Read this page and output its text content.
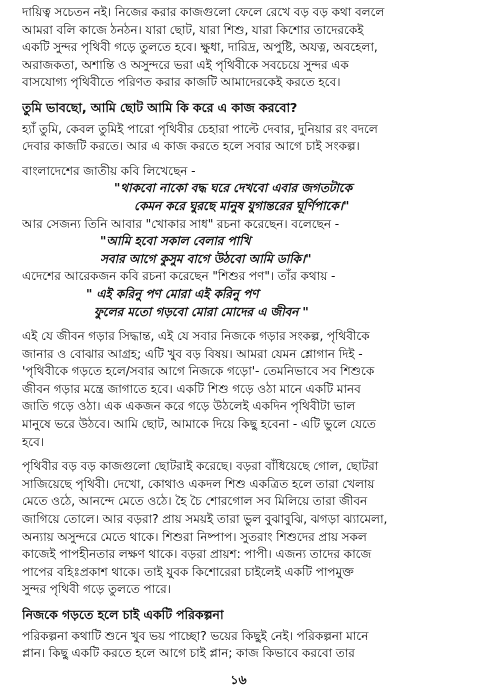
দায়িত্ব সচেতন নই। নিজের করার কাজগুলো ফেলে রেখে বড় বড় কথা বললে
আমরা বলি কাজে ঠনঠন। যারা ছোট, যারা শিশু, যারা কিশোর তাদেরকেই
একটি সুন্দর পৃথিবী গড়ে তুলতে হবে। ক্ষুধা, দারিদ্র, অপুষ্টি, অযত্ন, অবহেলা,
অরাজকতা, অশান্তি ও অসুন্দরে ভরা এই পৃথিবীকে সবচেয়ে সুন্দর এক
বাসযোগ্য পৃথিবীতে পরিণত করার কাজটি আমাদেরকেই করতে হবে।
তুমি ভাবছো, আমি ছোট আমি কি করে এ কাজ করবো?
হ্যাঁ তুমি, কেবল তুমিই পারো পৃথিবীর চেহারা পাল্টে দেবার, দুনিয়ার রং বদলে
দেবার কাজটি করতে। আর এ কাজ করতে হলে সবার আগে চাই সংকল্প।
বাংলাদেশের জাতীয় কবি লিখেছেন -
"থাকবো নাকো বদ্ধ ঘরে দেখবো এবার জগতটাকে
কেমন করে ঘুরছে মানুষ যুগান্তরের ঘূর্ণিপাকে।"
আর সেজন্য তিনি আবার "খোকার সাধ" রচনা করেছেন। বলেছেন -
"আমি হবো সকাল বেলার পাখি
সবার আগে কুসুম বাগে উঠবো আমি ডাকি।"
এদেশের আরেকজন কবি রচনা করেছেন "শিশুর পণ"। তাঁর কথায় -
" এই করিনু পণ মোরা এই করিনু পণ
ফুলের মতো গড়বো মোরা মোদের এ জীবন "
এই যে জীবন গড়ার সিদ্ধান্ত, এই যে সবার নিজকে গড়ার সংকল্প, পৃথিবীকে
জানার ও বোঝার আগ্রহ; এটি খুব বড় বিষয়। আমরা যেমন শ্লোগান দিই -
'পৃথিবীকে গড়তে হলে/সবার আগে নিজকে গড়ো'- তেমনিভাবে সব শিশুকে
জীবন গড়ার মন্ত্রে জাগাতে হবে। একটি শিশু গড়ে ওঠা মানে একটি মানব
জাতি গড়ে ওঠা। এক একজন করে গড়ে উঠলেই একদিন পৃথিবীটা ভাল
মানুষে ভরে উঠবে। আমি ছোট, আমাকে দিয়ে কিছু হবেনা - এটি ভুলে যেতে
হবে।
পৃথিবীর বড় বড় কাজগুলো ছোটরাই করেছে। বড়রা বাঁধিয়েছে গোল, ছোটরা
সাজিয়েছে পৃথিবী। দেখো, কোথাও একদল শিশু একত্রিত হলে তারা খেলায়
মেতে ওঠে, আনন্দে মেতে ওঠে। হৈ চৈ শোরগোল সব মিলিয়ে তারা জীবন
জাগিয়ে তোলে। আর বড়রা? প্রায় সময়ই তারা ভুল বুঝাবুঝি, ঝগড়া ঝ্যামেলা,
অন্যায় অসুন্দরে মেতে থাকে। শিশুরা নিষ্পাপ। সুতরাং শিশুদের প্রায় সকল
কাজেই পাপহীনতার লক্ষণ থাকে। বড়রা প্রায়শ: পাপী। এজন্য তাদের কাজে
পাপের বহিঃপ্রকাশ থাকে। তাই যুবক কিশোরেরা চাইলেই একটি পাপমুক্ত
সুন্দর পৃথিবী গড়ে তুলতে পারে।
নিজকে গড়তে হলে চাই একটি পরিকল্পনা
পরিকল্পনা কথাটি শুনে খুব ভয় পাচ্ছো? ভয়ের কিছুই নেই। পরিকল্পনা মানে
প্লান। কিছু একটি করতে হলে আগে চাই প্লান; কাজ কিভাবে করবো তার
১৬
